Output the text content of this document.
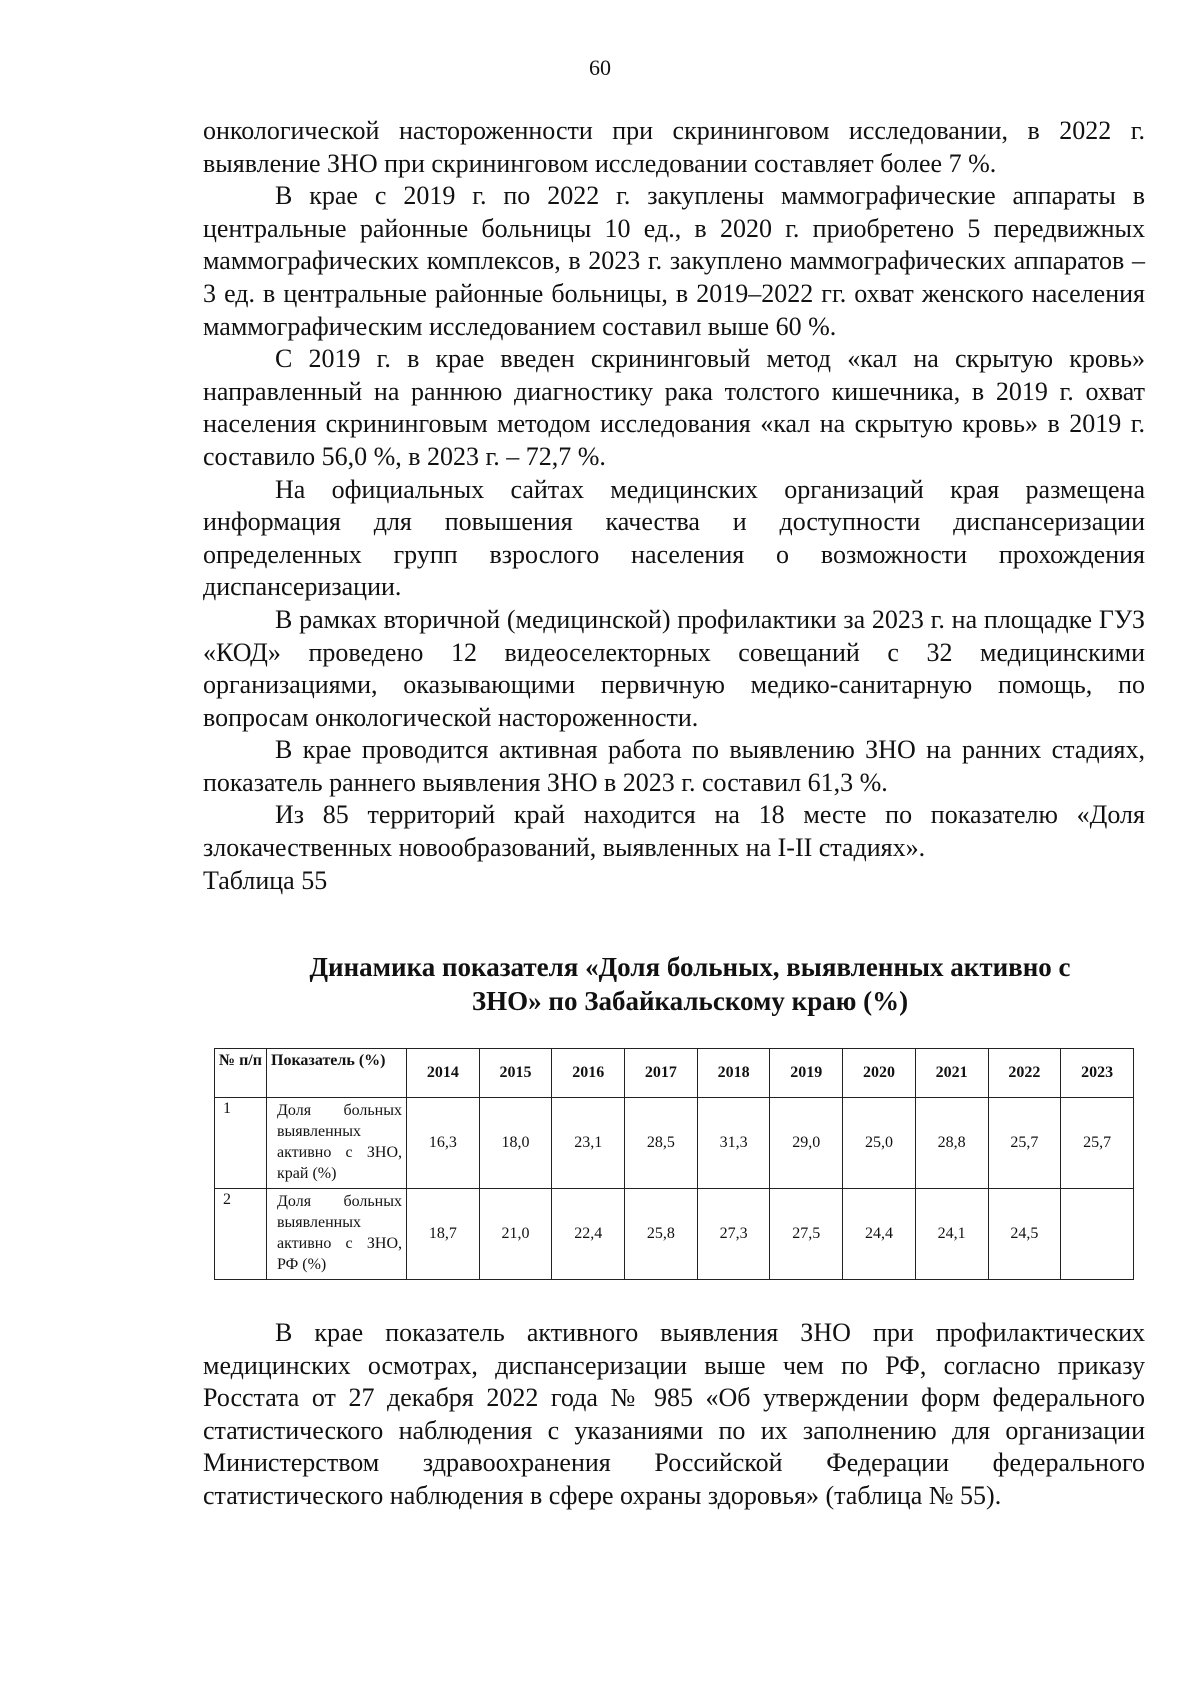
60

онкологической настороженности при скрининговом исследовании, в 2022 г. выявление ЗНО при скрининговом исследовании составляет более 7 %.

В крае с 2019 г. по 2022 г. закуплены маммографические аппараты в центральные районные больницы 10 ед., в 2020 г. приобретено 5 передвижных маммографических комплексов, в 2023 г. закуплено маммографических аппаратов – 3 ед. в центральные районные больницы, в 2019–2022 гг. охват женского населения маммографическим исследованием составил выше 60 %.

С 2019 г. в крае введен скрининговый метод «кал на скрытую кровь» направленный на раннюю диагностику рака толстого кишечника, в 2019 г. охват населения скрининговым методом исследования «кал на скрытую кровь» в 2019 г. составило 56,0 %, в 2023 г. – 72,7 %.

На официальных сайтах медицинских организаций края размещена информация для повышения качества и доступности диспансеризации определенных групп взрослого населения о возможности прохождения диспансеризации.

В рамках вторичной (медицинской) профилактики за 2023 г. на площадке ГУЗ «КОД» проведено 12 видеоселекторных совещаний с 32 медицинскими организациями, оказывающими первичную медико-санитарную помощь, по вопросам онкологической настороженности.

В крае проводится активная работа по выявлению ЗНО на ранних стадиях, показатель раннего выявления ЗНО в 2023 г. составил 61,3 %.

Из 85 территорий край находится на 18 месте по показателю «Доля злокачественных новообразований, выявленных на I-II стадиях».

Таблица 55

Динамика показателя «Доля больных, выявленных активно с
ЗНО» по Забайкальскому краю (%)
№ п/п	Показатель (%)	2014	2015	2016	2017	2018	2019	2020	2021	2022	2023
1	Доля больных выявленных активно с ЗНО, край (%)	16,3	18,0	23,1	28,5	31,3	29,0	25,0	28,8	25,7	25,7
2	Доля больных выявленных активно с ЗНО, РФ (%)	18,7	21,0	22,4	25,8	27,3	27,5	24,4	24,1	24,5	

В крае показатель активного выявления ЗНО при профилактических медицинских осмотрах, диспансеризации выше чем по РФ, согласно приказу Росстата от 27 декабря 2022 года № 985 «Об утверждении форм федерального статистического наблюдения с указаниями по их заполнению для организации Министерством здравоохранения Российской Федерации федерального статистического наблюдения в сфере охраны здоровья» (таблица № 55).
